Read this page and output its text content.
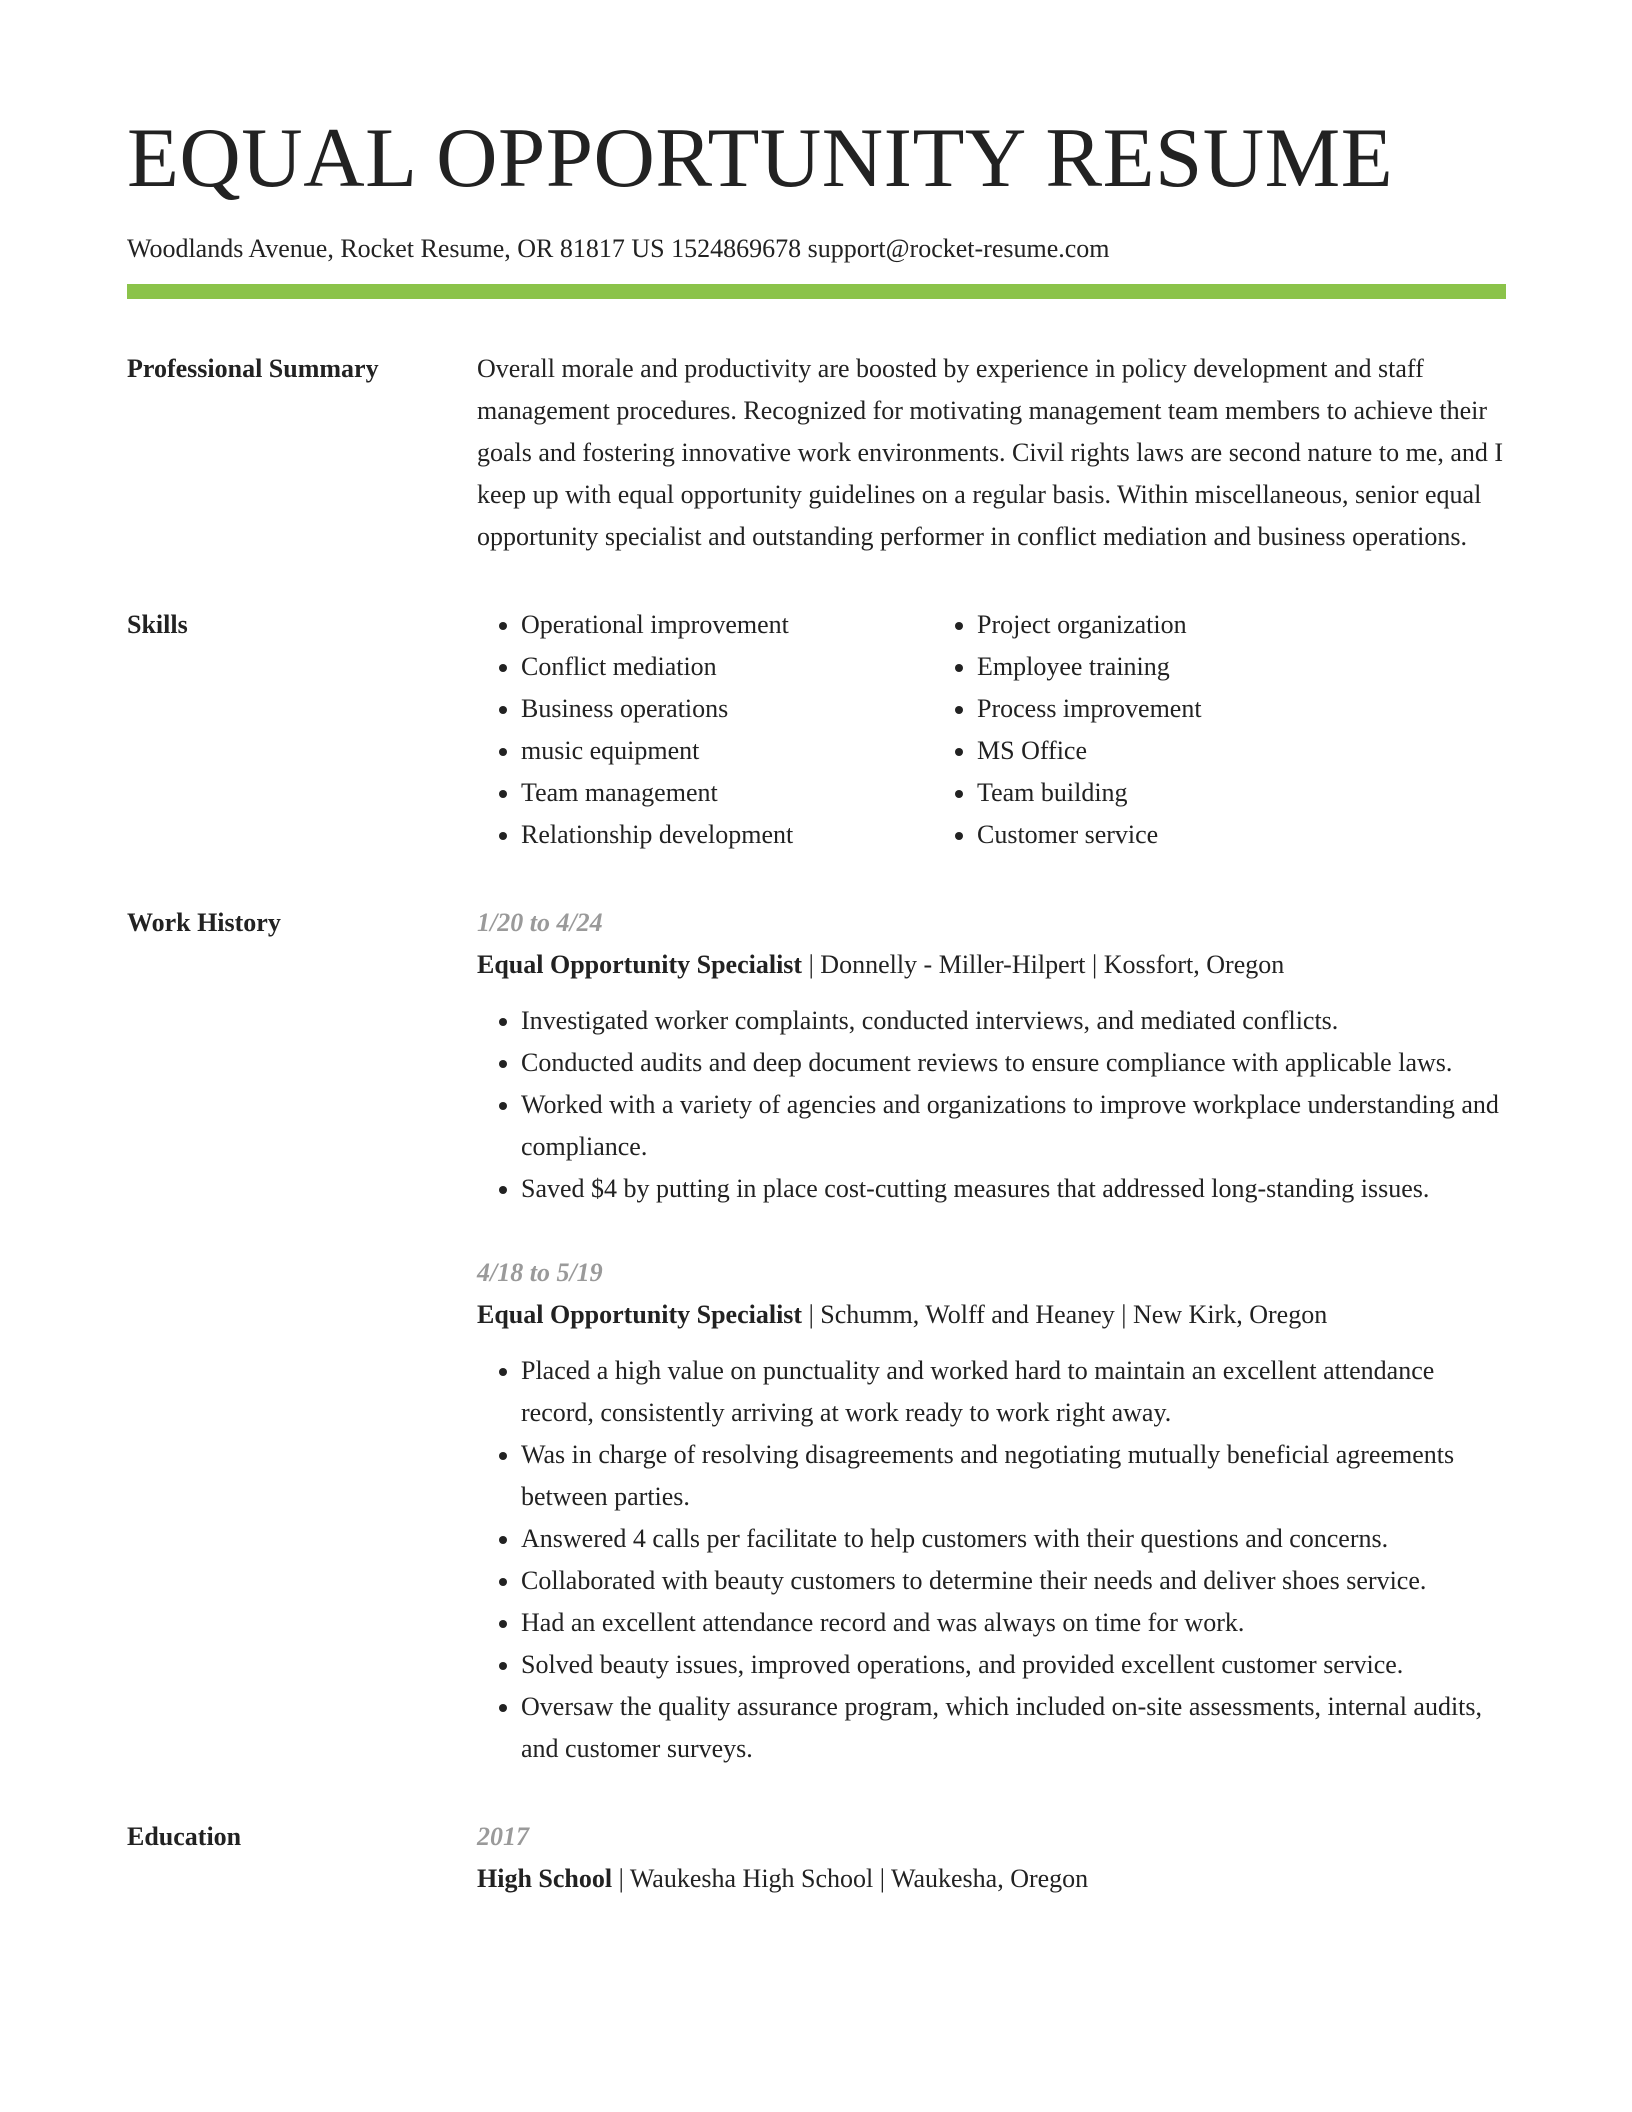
EQUAL OPPORTUNITY RESUME
Woodlands Avenue, Rocket Resume, OR 81817 US 1524869678 support@rocket-resume.com
Professional Summary	Overall morale and productivity are boosted by experience in policy development and staff management procedures. Recognized for motivating management team members to achieve their goals and fostering innovative work environments. Civil rights laws are second nature to me, and I keep up with equal opportunity guidelines on a regular basis. Within miscellaneous, senior equal opportunity specialist and outstanding performer in conflict mediation and business operations.

Skills	• Operational improvement
• Conflict mediation
• Business operations
• music equipment
• Team management
• Relationship development
• Project organization
• Employee training
• Process improvement
• MS Office
• Team building
• Customer service
Work History	1/20 to 4/24
Equal Opportunity Specialist | Donnelly - Miller-Hilpert | Kossfort, Oregon
• Investigated worker complaints, conducted interviews, and mediated conflicts.
• Conducted audits and deep document reviews to ensure compliance with applicable laws.
• Worked with a variety of agencies and organizations to improve workplace understanding and compliance.
• Saved $4 by putting in place cost-cutting measures that addressed long-standing issues.
4/18 to 5/19
Equal Opportunity Specialist | Schumm, Wolff and Heaney | New Kirk, Oregon
• Placed a high value on punctuality and worked hard to maintain an excellent attendance record, consistently arriving at work ready to work right away.
• Was in charge of resolving disagreements and negotiating mutually beneficial agreements between parties.
• Answered 4 calls per facilitate to help customers with their questions and concerns.
• Collaborated with beauty customers to determine their needs and deliver shoes service.
• Had an excellent attendance record and was always on time for work.
• Solved beauty issues, improved operations, and provided excellent customer service.
• Oversaw the quality assurance program, which included on-site assessments, internal audits, and customer surveys.
Education	2017
High School | Waukesha High School | Waukesha, Oregon
